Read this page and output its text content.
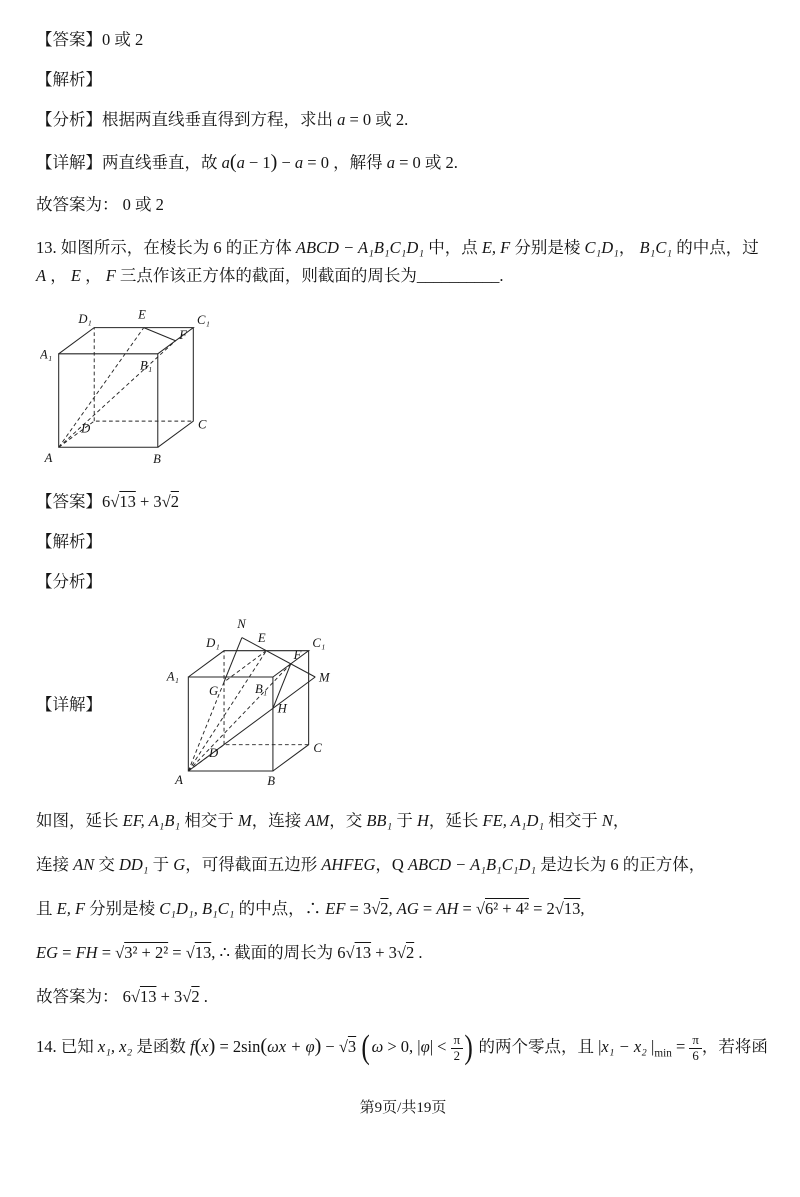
【答案】0 或 2

【解析】

【分析】根据两直线垂直得到方程，求出 a = 0 或 2.

【详解】两直线垂直，故 a(a − 1) − a = 0 ，解得 a = 0 或 2.

故答案为： 0 或 2

13. 如图所示，在棱长为 6 的正方体 ABCD − A₁B₁C₁D₁ 中，点 E, F 分别是棱 C₁D₁， B₁C₁ 的中点，过 A ， E ， F 三点作该正方体的截面，则截面的周长为__________.

D₁	E	C₁
A₁
F
B₁
D	C
A	B

【答案】6√13 + 3√2

【解析】

【分析】

【详解】
N
D₁	E	C₁
A₁
G
F
B₁
M
H
D	C
A	B

如图，延长 EF, A₁B₁ 相交于 M，连接 AM，交 BB₁ 于 H，延长 FE, A₁D₁ 相交于 N，

连接 AN 交 DD₁ 于 G，可得截面五边形 AHFEG，Q ABCD − A₁B₁C₁D₁ 是边长为 6 的正方体，

且 E, F 分别是棱 C₁D₁, B₁C₁ 的中点，∴ EF = 3√2, AG = AH = √6² + 4² = 2√13,

EG = FH = √3² + 2² = √13, ∴ 截面的周长为 6√13 + 3√2 .

故答案为： 6√13 + 3√2 .

14. 已知 x₁, x₂ 是函数 f(x) = 2sin(ωx + φ) − √3 (ω > 0, $|\varphi| < \frac{\pi}{2}$ ) 的两个零点，且 |x₁ − x₂ $|_{min} = \frac{\pi}{6}$ ，若将函

第9页/共19页
